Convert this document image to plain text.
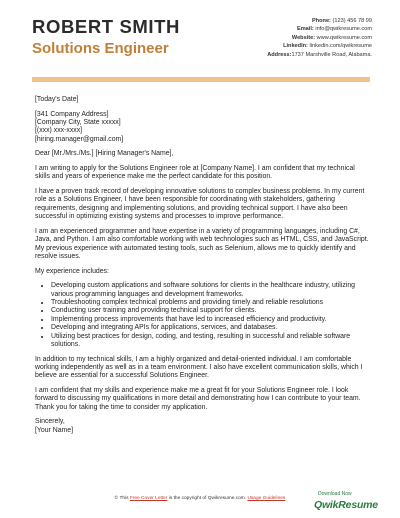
ROBERT SMITH
Solutions Engineer
Phone: (123) 456 78 99
Email: info@qwikresume.com
Website: www.qwikresume.com
LinkedIn: linkedin.com/qwikresume
Address:1737 Marshville Road, Alabama.

[Today's Date]

[341 Company Address]

[Company City, State xxxxx]

[(xxx) xxx-xxxx]

[hiring.manager@gmail.com]

Dear [Mr./Mrs./Ms.] [Hiring Manager's Name],

I am writing to apply for the Solutions Engineer role at [Company Name]. I am confident that my technical skills and years of experience make me the perfect candidate for this position.

I have a proven track record of developing innovative solutions to complex business problems. In my current role as a Solutions Engineer, I have been responsible for coordinating with stakeholders, gathering requirements, designing and implementing solutions, and providing technical support. I have also been successful in optimizing existing systems and processes to improve performance.

I am an experienced programmer and have expertise in a variety of programming languages, including C#, Java, and Python. I am also comfortable working with web technologies such as HTML, CSS, and JavaScript. My previous experience with automated testing tools, such as Selenium, allows me to quickly identify and resolve issues.

My experience includes:

• Developing custom applications and software solutions for clients in the healthcare industry, utilizing various programming languages and development frameworks.
• Troubleshooting complex technical problems and providing timely and reliable resolutions
• Conducting user training and providing technical support for clients.
• Implementing process improvements that have led to increased efficiency and productivity.
• Developing and integrating APIs for applications, services, and databases.
• Utilizing best practices for design, coding, and testing, resulting in successful and reliable software solutions.

In addition to my technical skills, I am a highly organized and detail-oriented individual. I am comfortable working independently as well as in a team environment. I also have excellent communication skills, which I believe are essential for a successful Solutions Engineer.

I am confident that my skills and experience make me a great fit for your Solutions Engineer role. I look forward to discussing my qualifications in more detail and demonstrating how I can contribute to your team. Thank you for taking the time to consider my application.

Sincerely,

[Your Name]

© This Free Cover Letter is the copyright of Qwikresume.com. Usage Guidelines
Download Now
QwikResume
